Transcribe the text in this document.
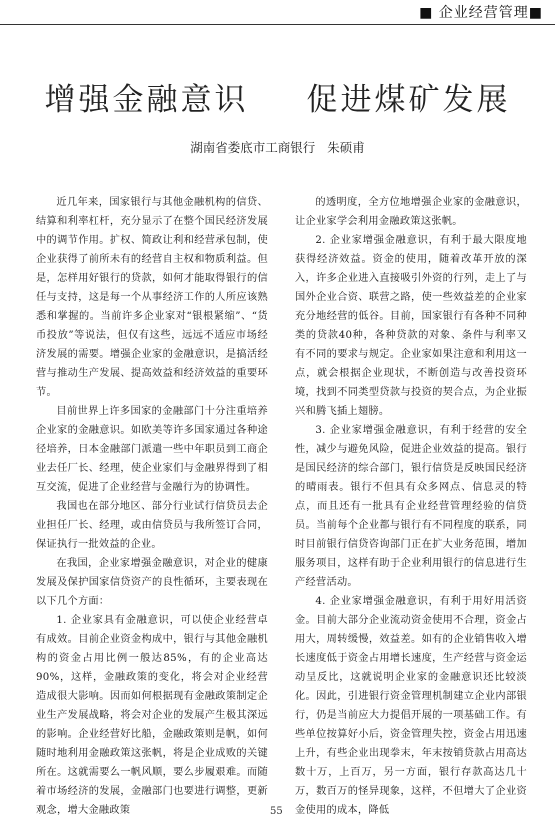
■ 企业经营管理■
增强金融意识 促进煤矿发展
湖南省娄底市工商银行 朱硕甫

近几年来，国家银行与其他金融机构的信贷、结算和利率杠杆，充分显示了在整个国民经济发展中的调节作用。扩权、简政让利和经营承包制，使企业获得了前所未有的经营自主权和物质利益。但是，怎样用好银行的贷款，如何才能取得银行的信任与支持，这是每一个从事经济工作的人所应该熟悉和掌握的。当前许多企业家对“银根紧缩”、“货币投放”等说法，但仅有这些，远远不适应市场经济发展的需要。增强企业家的金融意识，是搞活经营与推动生产发展、提高效益和经济效益的重要环节。

目前世界上许多国家的金融部门十分注重培养企业家的金融意识。如欧美等许多国家通过各种途径培养，日本金融部门派遣一些中年职员到工商企业去任厂长、经理，使企业家们与金融界得到了相互交流，促进了企业经营与金融行为的协调性。

我国也在部分地区、部分行业试行信贷员去企业担任厂长、经理，或由信贷员与我所签订合同，保证执行一批效益的企业。

在我国，企业家增强金融意识，对企业的健康发展及保护国家信贷资产的良性循环，主要表现在以下几个方面：

1. 企业家具有金融意识，可以使企业经营卓有成效。目前企业资金构成中，银行与其他金融机构的资金占用比例一般达85%，有的企业高达90%，这样，金融政策的变化，将会对企业经营造成很大影响。因而如何根据现有金融政策制定企业生产发展战略，将会对企业的发展产生极其深远的影响。企业经营好比船，金融政策则是帆，如何随时地利用金融政策这张帆，将是企业成败的关键所在。这就需要么一帆风顺，要么步履艰难。而随着市场经济的发展，金融部门也要进行调整，更新观念，增大金融政策

的透明度，全方位地增强企业家的金融意识，让企业家学会利用金融政策这张帆。

2. 企业家增强金融意识，有利于最大限度地获得经济效益。资金的使用，随着改革开放的深入，许多企业进入直接吸引外资的行列，走上了与国外企业合资、联营之路，使一些效益差的企业家充分地经营的低谷。目前，国家银行有各种不同种类的贷款40种，各种贷款的对象、条件与利率又有不同的要求与规定。企业家如果注意和利用这一点，就会根据企业现状，不断创造与改善投资环境，找到不同类型贷款与投资的契合点，为企业振兴和腾飞插上翅膀。

3. 企业家增强金融意识，有利于经营的安全性，减少与避免风险，促进企业效益的提高。银行是国民经济的综合部门，银行信贷是反映国民经济的晴雨表。银行不但具有众多网点、信息灵的特点，而且还有一批具有企业经营管理经验的信贷员。当前每个企业都与银行有不同程度的联系，同时目前银行信贷咨询部门正在扩大业务范围，增加服务项目，这样有助于企业利用银行的信息进行生产经营活动。

4. 企业家增强金融意识，有利于用好用活资金。目前大部分企业流动资金使用不合理，资金占用大，周转缓慢，效益差。如有的企业销售收入增长速度低于资金占用增长速度，生产经营与资金运动呈反比，这就说明企业家的金融意识还比较淡化。因此，引进银行资金管理机制建立企业内部银行，仍是当前应大力提倡开展的一项基础工作。有些单位按算好小后，资金管理失控，资金占用迅速上升，有些企业出现拳末，年末按销贷款占用高达数十万，上百万，另一方面，银行存款高达几十万，数百万的怪异现象，这样，不但增大了企业资金使用的成本，降低

55
